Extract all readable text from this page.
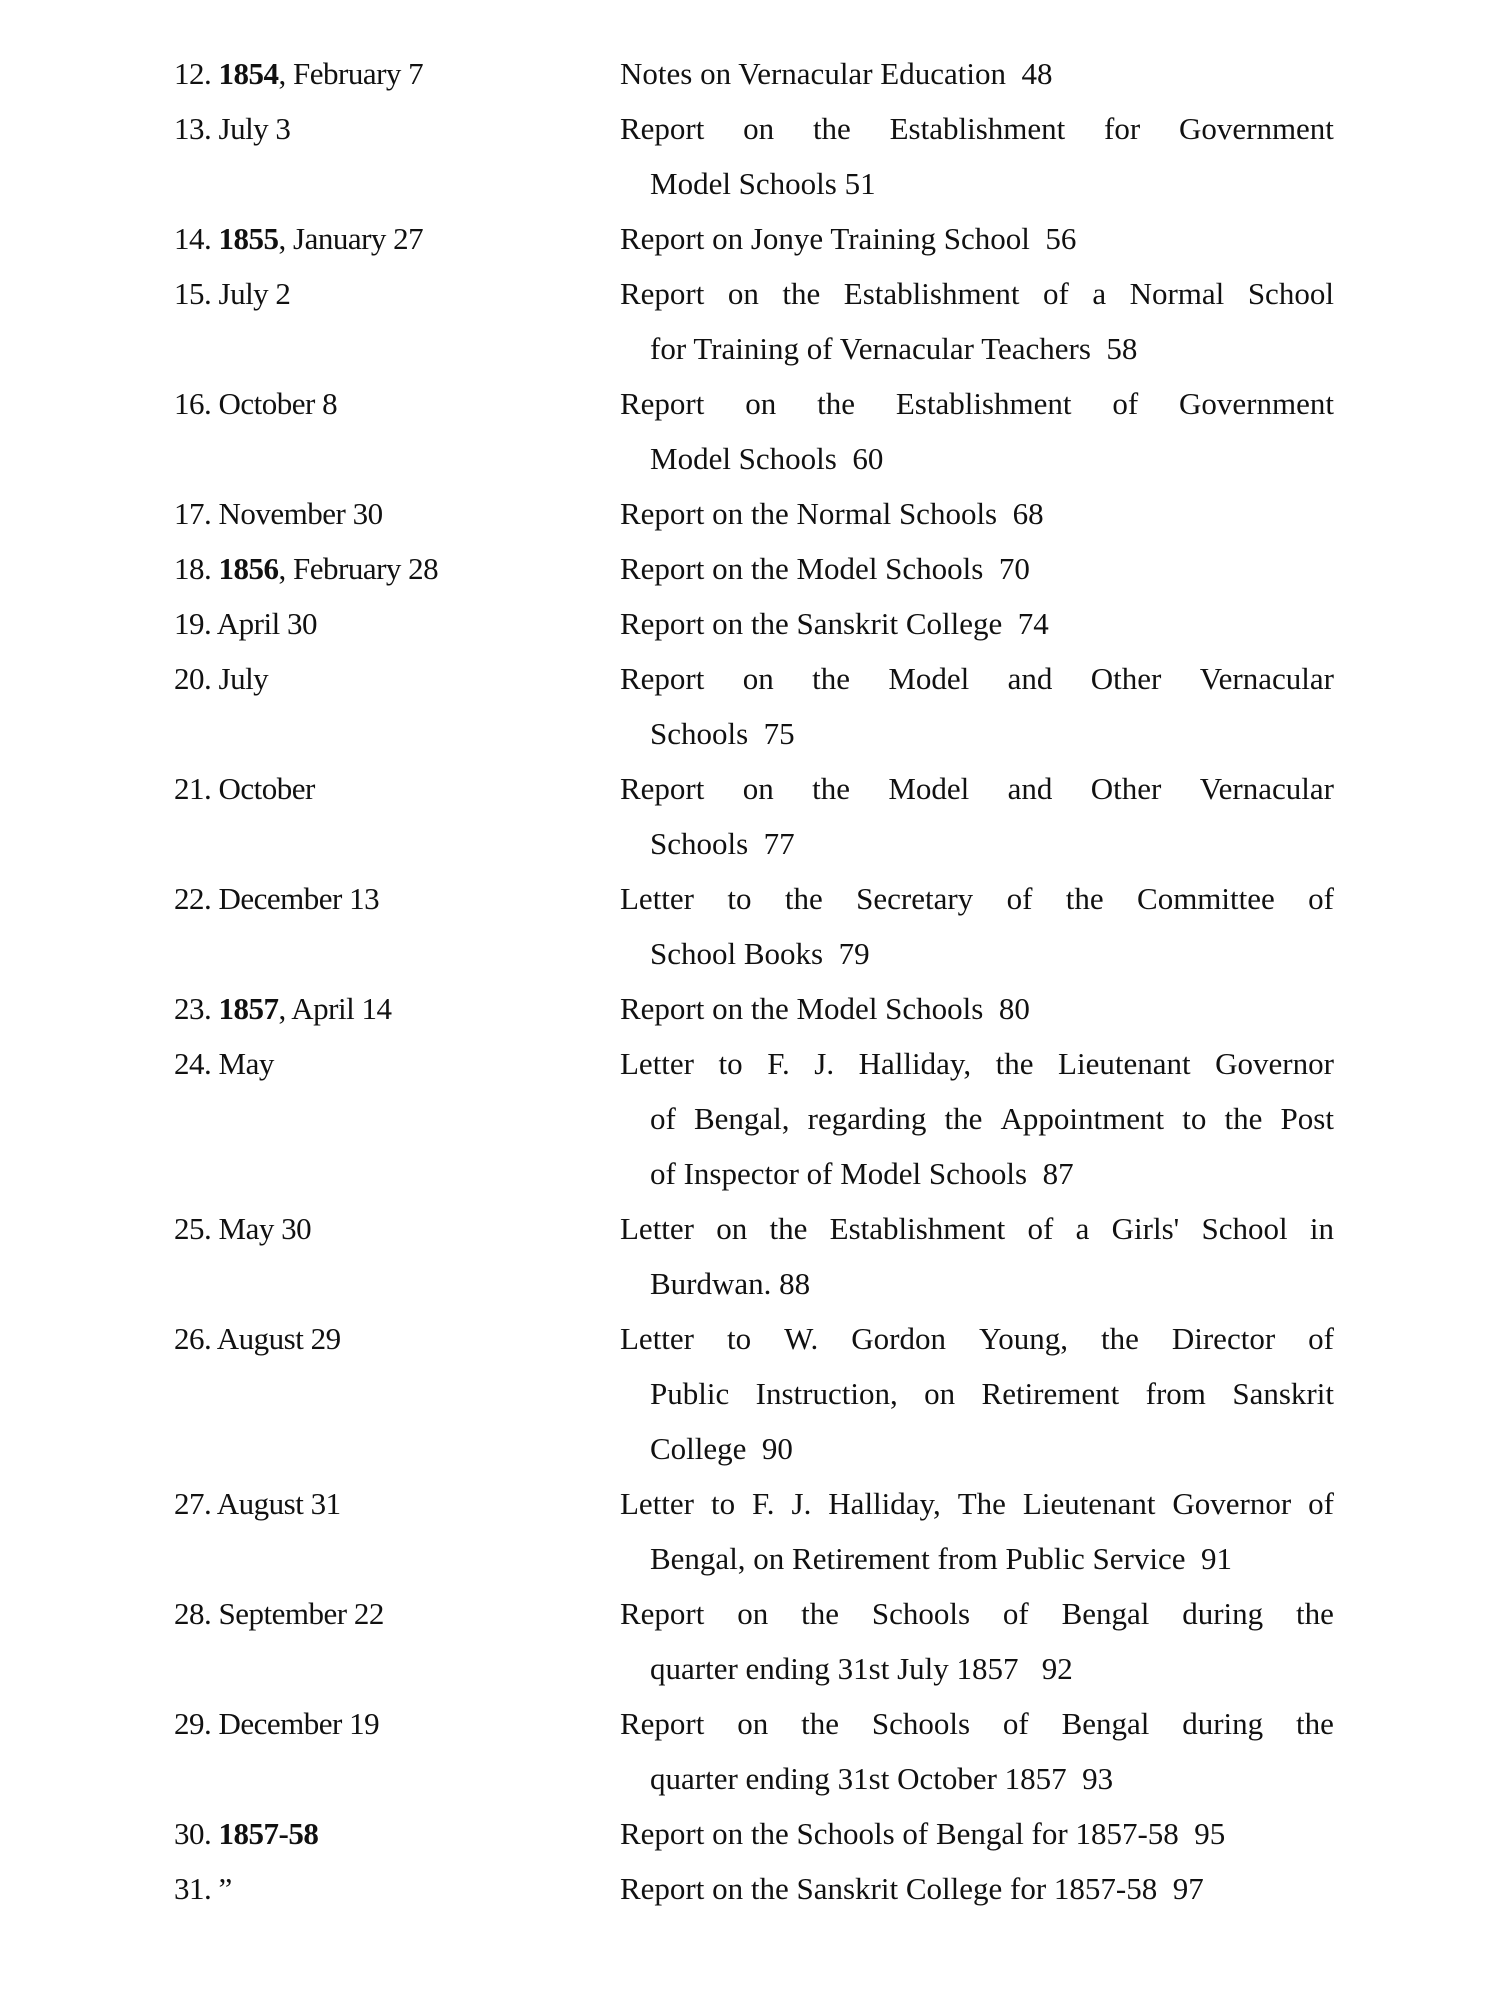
12. 1854, February 7	Notes on Vernacular Education  48
13. July 3	Report on the Establishment for Government
Model Schools 51
14. 1855, January 27	Report on Jonye Training School  56
15. July 2	Report on the Establishment of a Normal School
for Training of Vernacular Teachers  58
16. October 8	Report on the Establishment of Government
Model Schools  60
17. November 30	Report on the Normal Schools  68
18. 1856, February 28	Report on the Model Schools  70
19. April 30	Report on the Sanskrit College  74
20. July	Report on the Model and Other Vernacular
Schools  75
21. October	Report on the Model and Other Vernacular
Schools  77
22. December 13	Letter to the Secretary of the Committee of
School Books  79
23. 1857, April 14	Report on the Model Schools  80
24. May	Letter to F. J. Halliday, the Lieutenant Governor
of Bengal, regarding the Appointment to the Post
of Inspector of Model Schools  87
25. May 30	Letter on the Establishment of a Girls' School in
Burdwan. 88
26. August 29	Letter to W. Gordon Young, the Director of
Public Instruction, on Retirement from Sanskrit
College  90
27. August 31	Letter to F. J. Halliday, The Lieutenant Governor of
Bengal, on Retirement from Public Service  91
28. September 22	Report on the Schools of Bengal during the
quarter ending 31st July 1857   92
29. December 19	Report on the Schools of Bengal during the
quarter ending 31st October 1857  93
30. 1857-58	Report on the Schools of Bengal for 1857-58  95
31. ”	Report on the Sanskrit College for 1857-58  97
